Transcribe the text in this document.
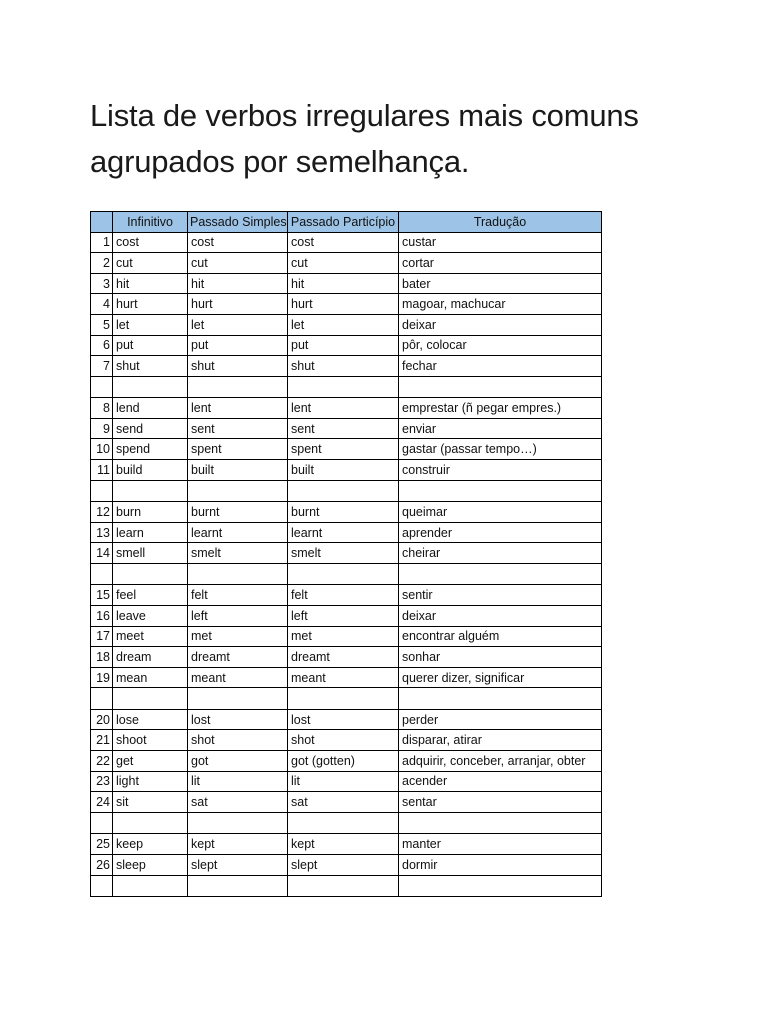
Lista de verbos irregulares mais comuns
agrupados por semelhança.
	Infinitivo	Passado Simples	Passado Particípio	Tradução
1	cost	cost	cost	custar
2	cut	cut	cut	cortar
3	hit	hit	hit	bater
4	hurt	hurt	hurt	magoar, machucar
5	let	let	let	deixar
6	put	put	put	pôr, colocar
7	shut	shut	shut	fechar

8	lend	lent	lent	emprestar (ñ pegar empres.)
9	send	sent	sent	enviar
10	spend	spent	spent	gastar (passar tempo…)
11	build	built	built	construir

12	burn	burnt	burnt	queimar
13	learn	learnt	learnt	aprender
14	smell	smelt	smelt	cheirar

15	feel	felt	felt	sentir
16	leave	left	left	deixar
17	meet	met	met	encontrar alguém
18	dream	dreamt	dreamt	sonhar
19	mean	meant	meant	querer dizer, significar

20	lose	lost	lost	perder
21	shoot	shot	shot	disparar, atirar
22	get	got	got (gotten)	adquirir, conceber, arranjar, obter
23	light	lit	lit	acender
24	sit	sat	sat	sentar

25	keep	kept	kept	manter
26	sleep	slept	slept	dormir
